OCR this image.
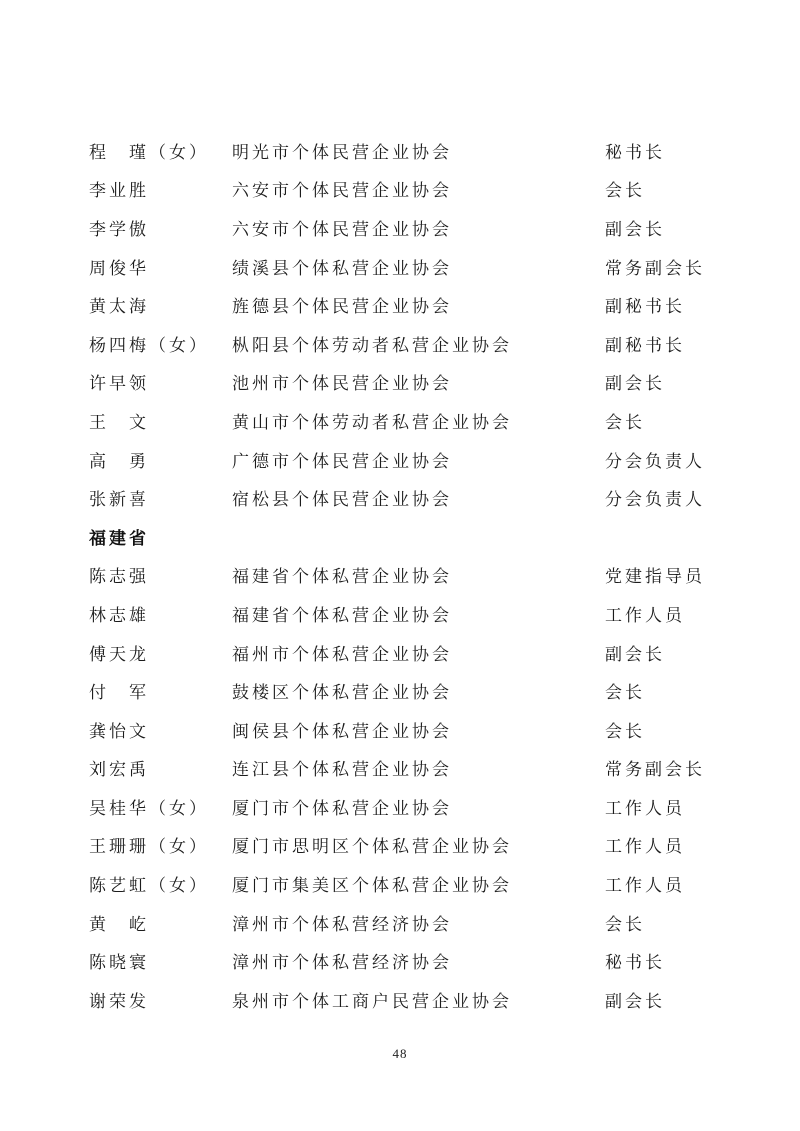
程　瑾（女）	明光市个体民营企业协会	秘书长
李业胜	六安市个体民营企业协会	会长
李学傲	六安市个体民营企业协会	副会长
周俊华	绩溪县个体私营企业协会	常务副会长
黄太海	旌德县个体民营企业协会	副秘书长
杨四梅（女）	枞阳县个体劳动者私营企业协会	副秘书长
许早领	池州市个体民营企业协会	副会长
王　文	黄山市个体劳动者私营企业协会	会长
高　勇	广德市个体民营企业协会	分会负责人
张新喜	宿松县个体民营企业协会	分会负责人
福建省
陈志强	福建省个体私营企业协会	党建指导员
林志雄	福建省个体私营企业协会	工作人员
傅天龙	福州市个体私营企业协会	副会长
付　军	鼓楼区个体私营企业协会	会长
龚怡文	闽侯县个体私营企业协会	会长
刘宏禹	连江县个体私营企业协会	常务副会长
吴桂华（女）	厦门市个体私营企业协会	工作人员
王珊珊（女）	厦门市思明区个体私营企业协会	工作人员
陈艺虹（女）	厦门市集美区个体私营企业协会	工作人员
黄　屹	漳州市个体私营经济协会	会长
陈晓寰	漳州市个体私营经济协会	秘书长
谢荣发	泉州市个体工商户民营企业协会	副会长
48
